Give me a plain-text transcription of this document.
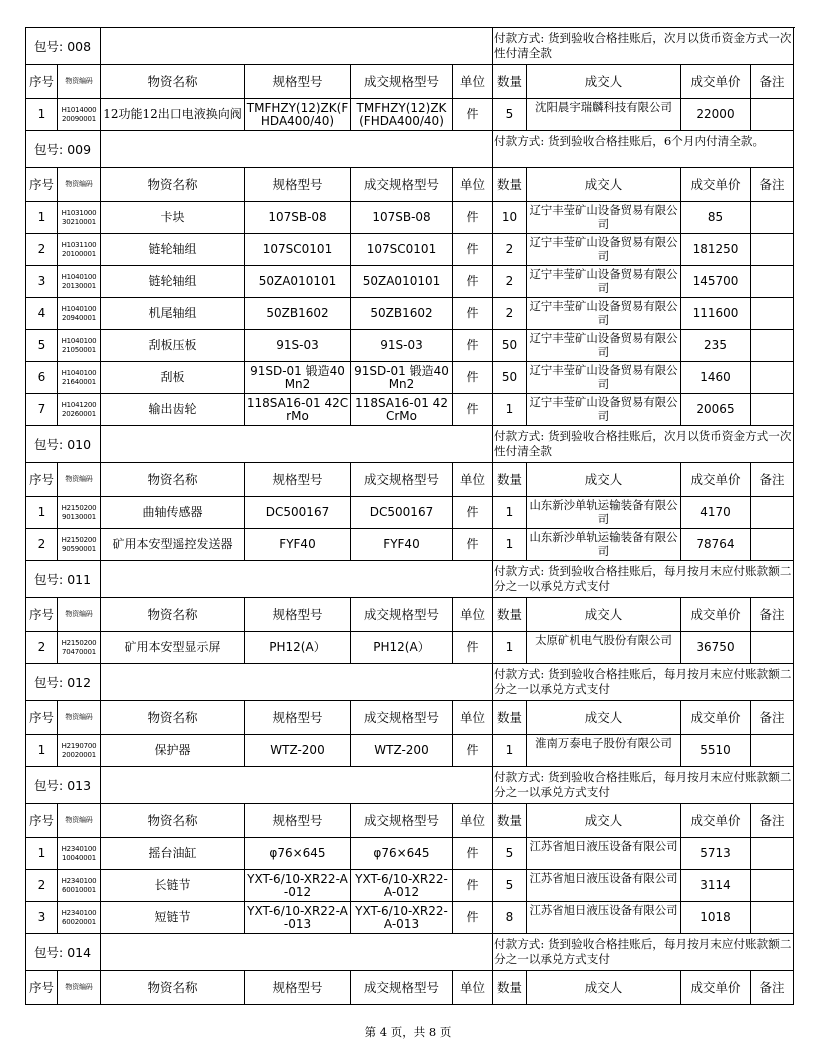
包号: 008						付款方式: 货到验收合格挂账后，次月以货币资金方式一次性付清全款			
序号	物资编码	物资名称	规格型号	成交规格型号	单位	数量	成交人	成交单价	备注
1	H1014000 20090001	12功能12出口电液换向阀	TMFHZY(12)ZK(FHDA400/40)	TMFHZY(12)ZK(FHDA400/40)	件	5	沈阳晨宇瑞麟科技有限公司	22000	
包号: 009						付款方式: 货到验收合格挂账后，6个月内付清全款。			
序号	物资编码	物资名称	规格型号	成交规格型号	单位	数量	成交人	成交单价	备注
1	H1031000 30210001	卡块	107SB-08	107SB-08	件	10	辽宁丰莹矿山设备贸易有限公司	85	
2	H1031100 20100001	链轮轴组	107SC0101	107SC0101	件	2	辽宁丰莹矿山设备贸易有限公司	181250	
3	H1040100 20130001	链轮轴组	50ZA010101	50ZA010101	件	2	辽宁丰莹矿山设备贸易有限公司	145700	
4	H1040100 20940001	机尾轴组	50ZB1602	50ZB1602	件	2	辽宁丰莹矿山设备贸易有限公司	111600	
5	H1040100 21050001	刮板压板	91S-03	91S-03	件	50	辽宁丰莹矿山设备贸易有限公司	235	
6	H1040100 21640001	刮板	91SD-01 锻造40Mn2	91SD-01 锻造40Mn2	件	50	辽宁丰莹矿山设备贸易有限公司	1460	
7	H1041200 20260001	输出齿轮	118SA16-01 42CrMo	118SA16-01 42CrMo	件	1	辽宁丰莹矿山设备贸易有限公司	20065	
包号: 010						付款方式: 货到验收合格挂账后，次月以货币资金方式一次性付清全款			
序号	物资编码	物资名称	规格型号	成交规格型号	单位	数量	成交人	成交单价	备注
1	H2150200 90130001	曲轴传感器	DC500167	DC500167	件	1	山东新沙单轨运输装备有限公司	4170	
2	H2150200 90590001	矿用本安型遥控发送器	FYF40	FYF40	件	1	山东新沙单轨运输装备有限公司	78764	
包号: 011						付款方式: 货到验收合格挂账后，每月按月末应付账款额二分之一以承兑方式支付			
序号	物资编码	物资名称	规格型号	成交规格型号	单位	数量	成交人	成交单价	备注
2	H2150200 70470001	矿用本安型显示屏	PH12(A）	PH12(A）	件	1	太原矿机电气股份有限公司	36750	
包号: 012						付款方式: 货到验收合格挂账后，每月按月末应付账款额二分之一以承兑方式支付			
序号	物资编码	物资名称	规格型号	成交规格型号	单位	数量	成交人	成交单价	备注
1	H2190700 20020001	保护器	WTZ-200	WTZ-200	件	1	淮南万泰电子股份有限公司	5510	
包号: 013						付款方式: 货到验收合格挂账后，每月按月末应付账款额二分之一以承兑方式支付			
序号	物资编码	物资名称	规格型号	成交规格型号	单位	数量	成交人	成交单价	备注
1	H2340100 10040001	摇台油缸	φ76×645	φ76×645	件	5	江苏省旭日液压设备有限公司	5713	
2	H2340100 60010001	长链节	YXT-6/10-XR22-A-012	YXT-6/10-XR22-A-012	件	5	江苏省旭日液压设备有限公司	3114	
3	H2340100 60020001	短链节	YXT-6/10-XR22-A-013	YXT-6/10-XR22-A-013	件	8	江苏省旭日液压设备有限公司	1018	
包号: 014						付款方式: 货到验收合格挂账后，每月按月末应付账款额二分之一以承兑方式支付			
序号	物资编码	物资名称	规格型号	成交规格型号	单位	数量	成交人	成交单价	备注
第 4 页，共 8 页
